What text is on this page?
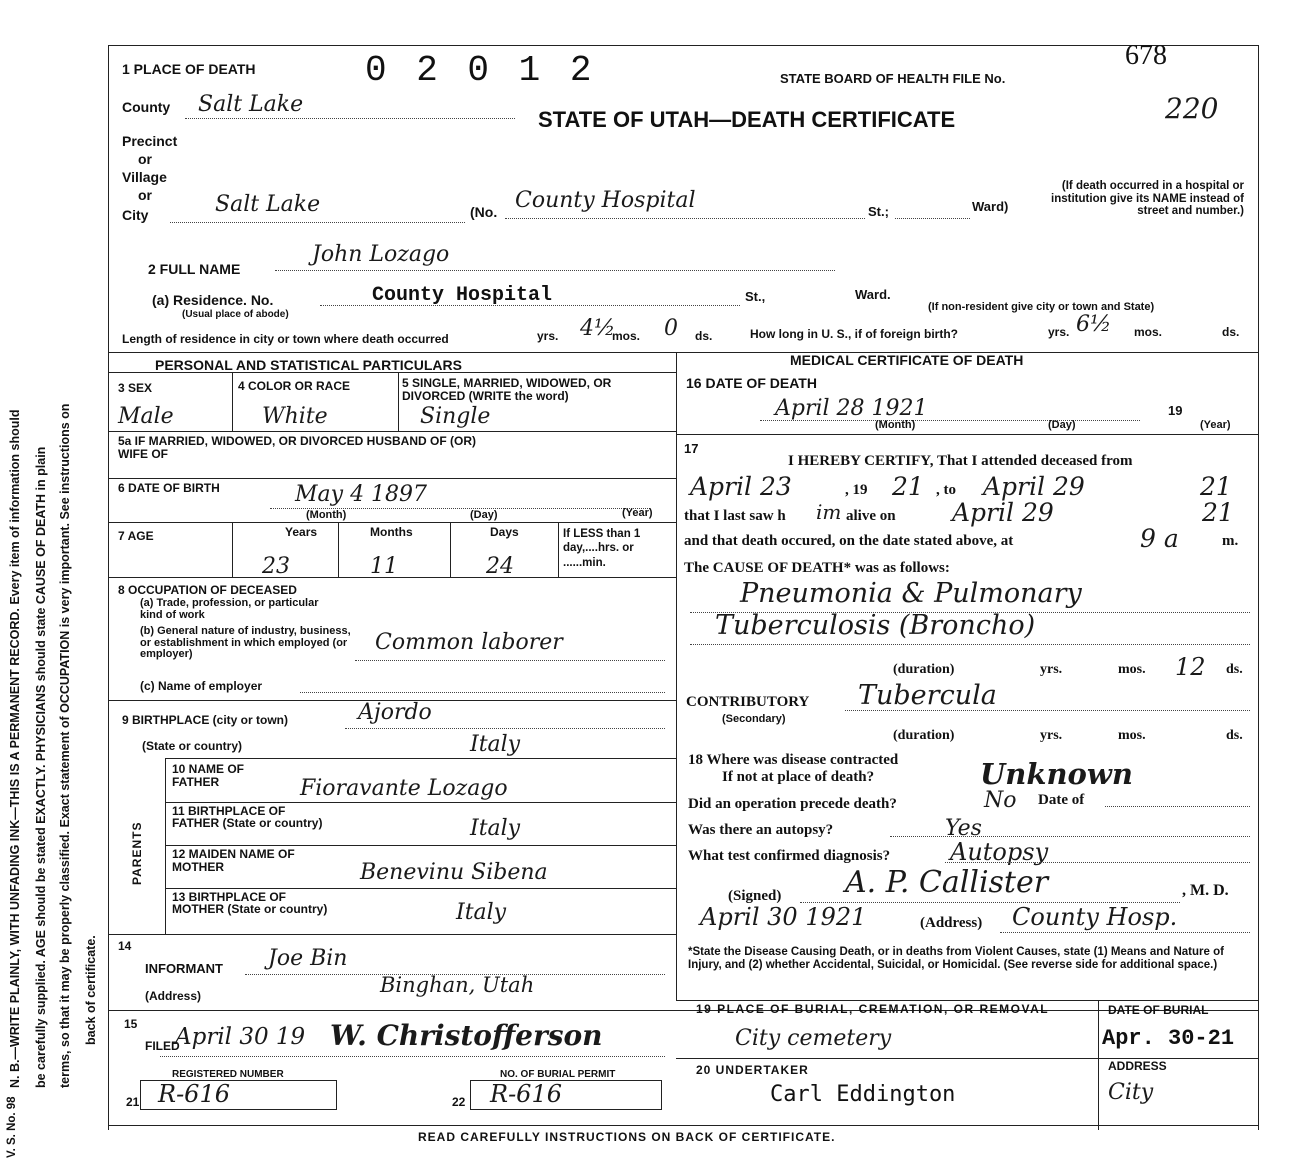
V. S. No. 98
N. B.—WRITE PLAINLY, WITH UNFADING INK—THIS IS A PERMANENT RECORD. Every item of information should be carefully supplied. AGE should be stated EXACTLY. PHYSICIANS should state CAUSE OF DEATH in plain terms, so that it may be properly classified. Exact statement of OCCUPATION is very important. See instructions on back of certificate.
1 PLACE OF DEATH	0 2 0 1 2	STATE BOARD OF HEALTH FILE No.
678
220
STATE OF UTAH—DEATH CERTIFICATE
County Salt Lake
Precinct
or
Village
or
City	Salt Lake	(No. County Hospital	St.;	Ward)
(If death occurred in a hospital or institution give its NAME instead of street and number.)
2 FULL NAME
John Lozago
(a) Residence. No.
(Usual place of abode)
County Hospital	St.,	Ward.
(If non-resident give city or town and State)
Length of residence in city or town where death occurred	yrs. 4½
mos. 0 ds.	How long in U. S., if of foreign birth?	yrs. 6½ mos.	ds.
PERSONAL AND STATISTICAL PARTICULARS	MEDICAL CERTIFICATE OF DEATH
3 SEX
Male
4 COLOR OR RACE
White
5 SINGLE, MARRIED, WIDOWED, OR DIVORCED (WRITE the word)
Single
5a IF MARRIED, WIDOWED, OR DIVORCED HUSBAND OF (OR) WIFE OF
6 DATE OF BIRTH	May 4 1897
(Month)	(Day)	(Year)
7 AGE	Years
23
Months
11
Days
24
If LESS than 1 day,....hrs. or ......min.
8 OCCUPATION OF DECEASED
(a) Trade, profession, or particular kind of work
(b) General nature of industry, business, or establishment in which employed (or employer)	Common laborer
(c) Name of employer
9 BIRTHPLACE (city or town)	Ajordo
(State or country)	Italy
PARENTS
10 NAME OF FATHER	Fioravante Lozago
11 BIRTHPLACE OF FATHER (State or country)	Italy
12 MAIDEN NAME OF MOTHER	Benevinu Sibena
13 BIRTHPLACE OF MOTHER (State or country)	Italy
14
INFORMANT Joe Bin
(Address)	Binghan, Utah
15
FILED
April 30 19 W. Christofferson
REGISTERED NUMBER
21 R-616
NO. OF BURIAL PERMIT
22 R-616
16 DATE OF DEATH
April 28 1921
(Month)	(Day)
19
(Year)
17
I HEREBY CERTIFY, That I attended deceased from
April 23	, 19 21 , to April 29	21
that I last saw h im alive on April 29	21
and that death occured, on the date stated above, at	9 a	m.
The CAUSE OF DEATH* was as follows:
Pneumonia & Pulmonary
Tuberculosis (Broncho)
(duration)	yrs.	mos. 12 ds.
CONTRIBUTORY
(Secondary)
Tubercula
(duration)	yrs.	mos.	ds.
18 Where was disease contracted
If not at place of death?	Unknown
Did an operation precede death?	No Date of
Was there an autopsy?	Yes
What test confirmed diagnosis? Autopsy
(Signed) A. P. Callister	, M. D.
April 30 1921	(Address) County Hosp.
*State the Disease Causing Death, or in deaths from Violent Causes, state (1) Means and Nature of Injury, and (2) whether Accidental, Suicidal, or Homicidal. (See reverse side for additional space.)
19 PLACE OF BURIAL, CREMATION, OR REMOVAL
City cemetery
DATE OF BURIAL
Apr. 30-21
20 UNDERTAKER
Carl Eddington
ADDRESS
City
READ CAREFULLY INSTRUCTIONS ON BACK OF CERTIFICATE.
